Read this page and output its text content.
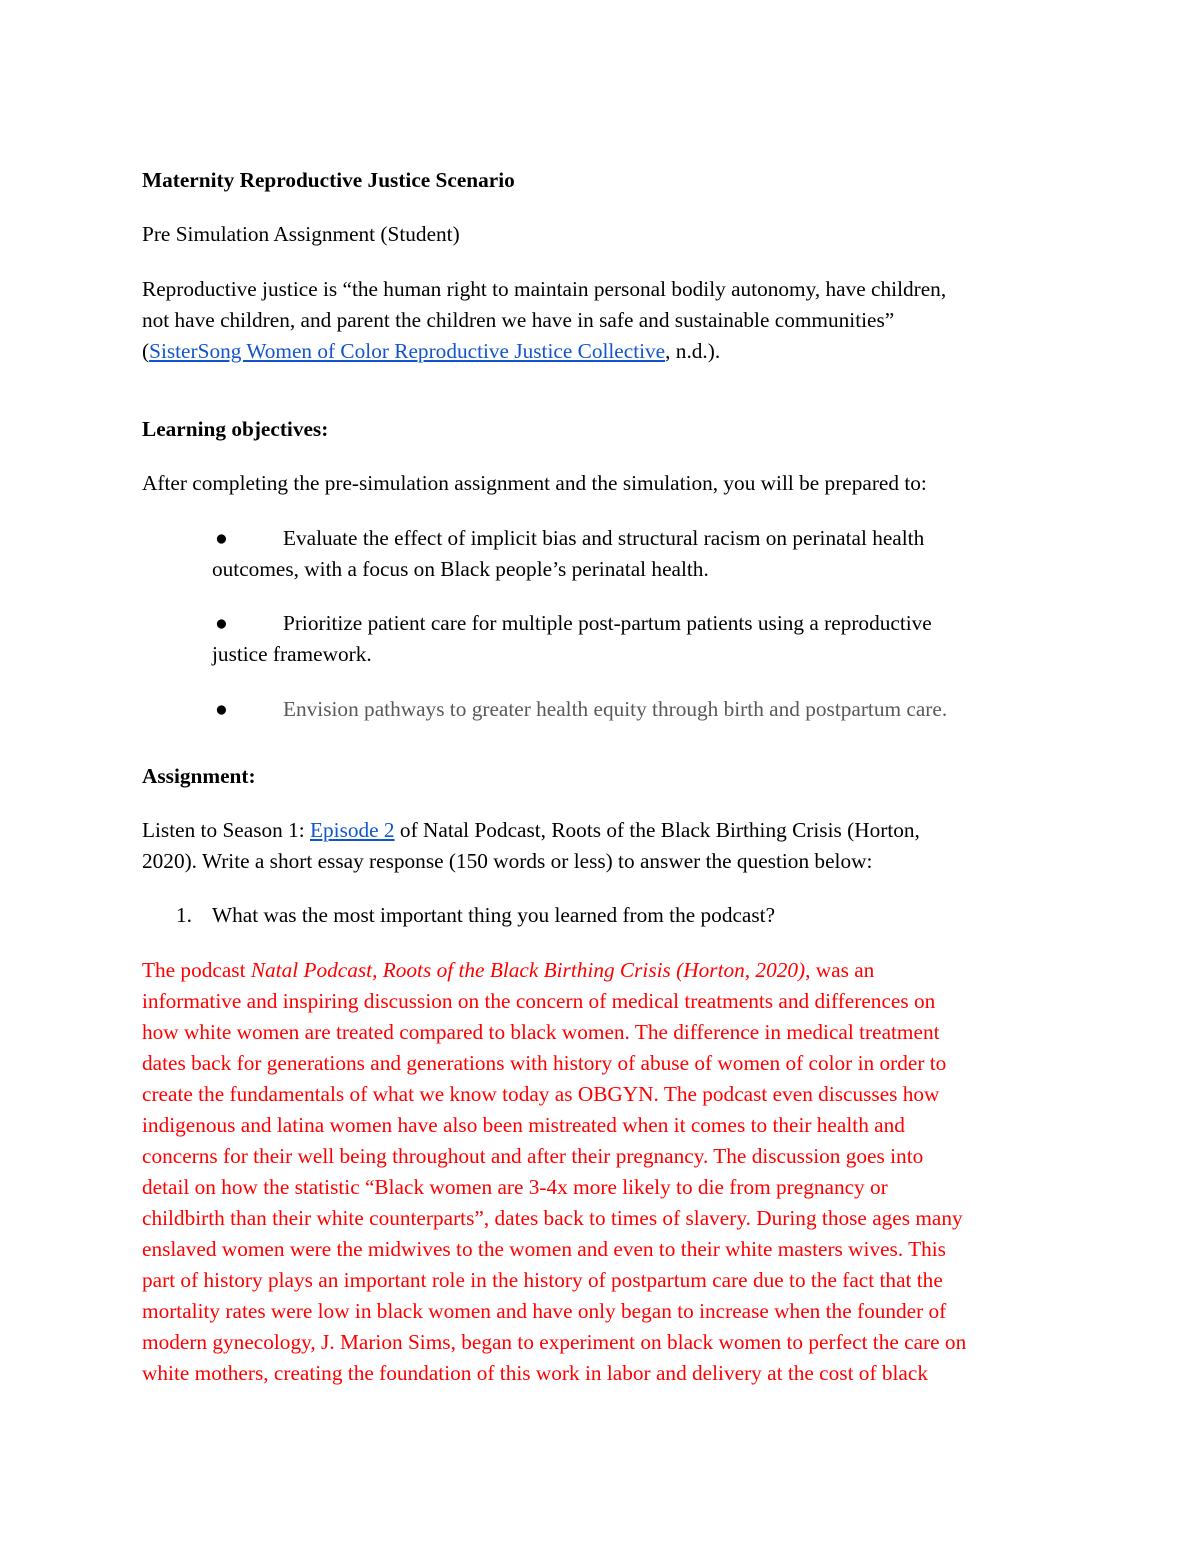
Maternity Reproductive Justice Scenario
Pre Simulation Assignment (Student)
Reproductive justice is “the human right to maintain personal bodily autonomy, have children,
not have children, and parent the children we have in safe and sustainable communities”
(SisterSong Women of Color Reproductive Justice Collective, n.d.).
Learning objectives:
After completing the pre-simulation assignment and the simulation, you will be prepared to:
●	Evaluate the effect of implicit bias and structural racism on perinatal health
outcomes, with a focus on Black people’s perinatal health.
●	Prioritize patient care for multiple post-partum patients using a reproductive
justice framework.
●	Envision pathways to greater health equity through birth and postpartum care.
Assignment:
Listen to Season 1: Episode 2 of Natal Podcast, Roots of the Black Birthing Crisis (Horton,
2020). Write a short essay response (150 words or less) to answer the question below:
1. What was the most important thing you learned from the podcast?
The podcast Natal Podcast, Roots of the Black Birthing Crisis (Horton, 2020), was an
informative and inspiring discussion on the concern of medical treatments and differences on
how white women are treated compared to black women. The difference in medical treatment
dates back for generations and generations with history of abuse of women of color in order to
create the fundamentals of what we know today as OBGYN. The podcast even discusses how
indigenous and latina women have also been mistreated when it comes to their health and
concerns for their well being throughout and after their pregnancy. The discussion goes into
detail on how the statistic “Black women are 3-4x more likely to die from pregnancy or
childbirth than their white counterparts”, dates back to times of slavery. During those ages many
enslaved women were the midwives to the women and even to their white masters wives. This
part of history plays an important role in the history of postpartum care due to the fact that the
mortality rates were low in black women and have only began to increase when the founder of
modern gynecology, J. Marion Sims, began to experiment on black women to perfect the care on
white mothers, creating the foundation of this work in labor and delivery at the cost of black
